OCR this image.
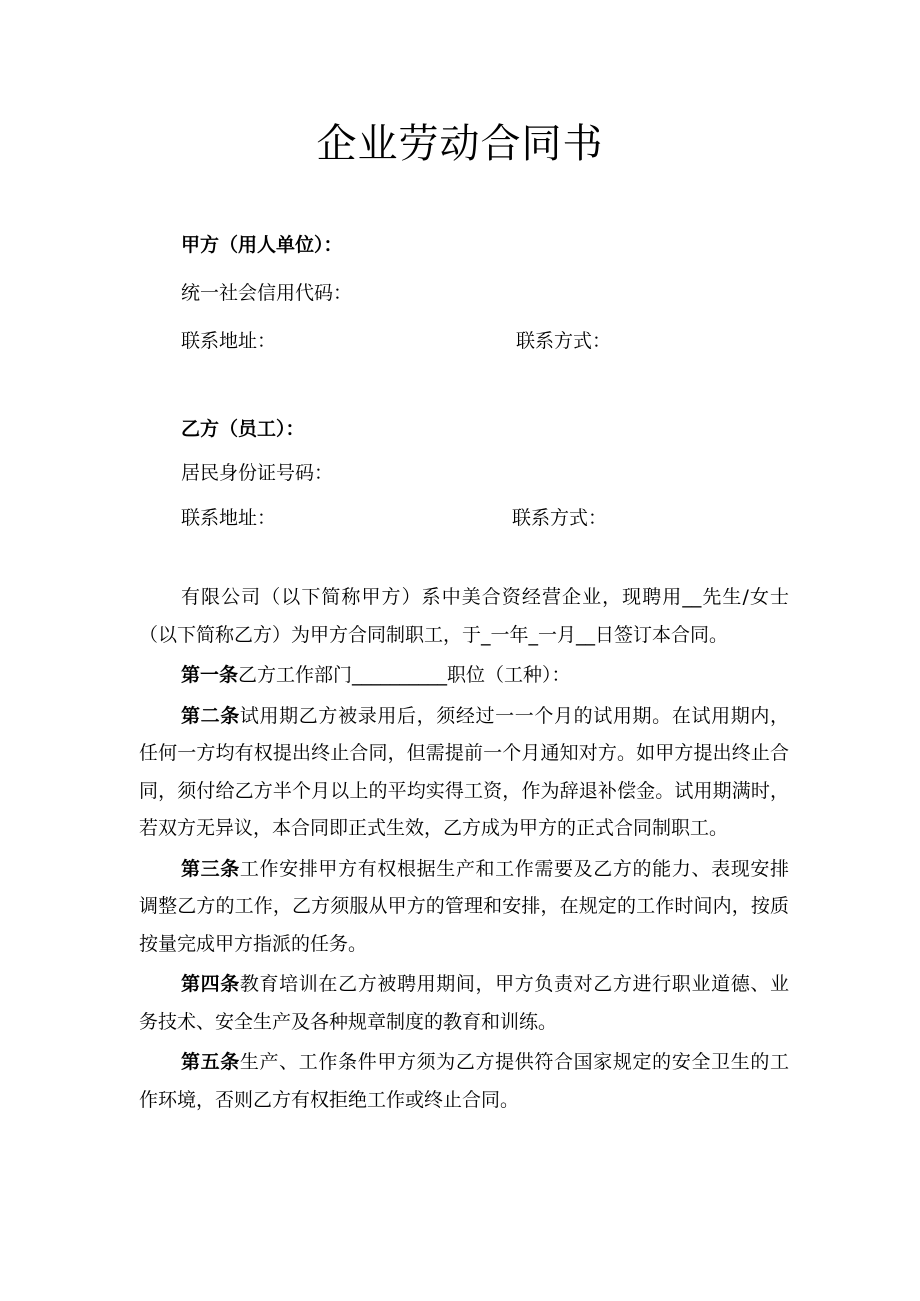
企业劳动合同书
甲方（用人单位）：
统一社会信用代码：
联系地址：	联系方式：
乙方（员工）：
居民身份证号码：
联系地址：	联系方式：

有限公司（以下简称甲方）系中美合资经营企业，现聘用__先生/女士（以下简称乙方）为甲方合同制职工，于_一年_一月__日签订本合同。

第一条乙方工作部门__________职位（工种）：

第二条试用期乙方被录用后，须经过一一个月的试用期。在试用期内，任何一方均有权提出终止合同，但需提前一个月通知对方。如甲方提出终止合同，须付给乙方半个月以上的平均实得工资，作为辞退补偿金。试用期满时，若双方无异议，本合同即正式生效，乙方成为甲方的正式合同制职工。

第三条工作安排甲方有权根据生产和工作需要及乙方的能力、表现安排调整乙方的工作，乙方须服从甲方的管理和安排，在规定的工作时间内，按质按量完成甲方指派的任务。

第四条教育培训在乙方被聘用期间，甲方负责对乙方进行职业道德、业务技术、安全生产及各种规章制度的教育和训练。

第五条生产、工作条件甲方须为乙方提供符合国家规定的安全卫生的工作环境，否则乙方有权拒绝工作或终止合同。
